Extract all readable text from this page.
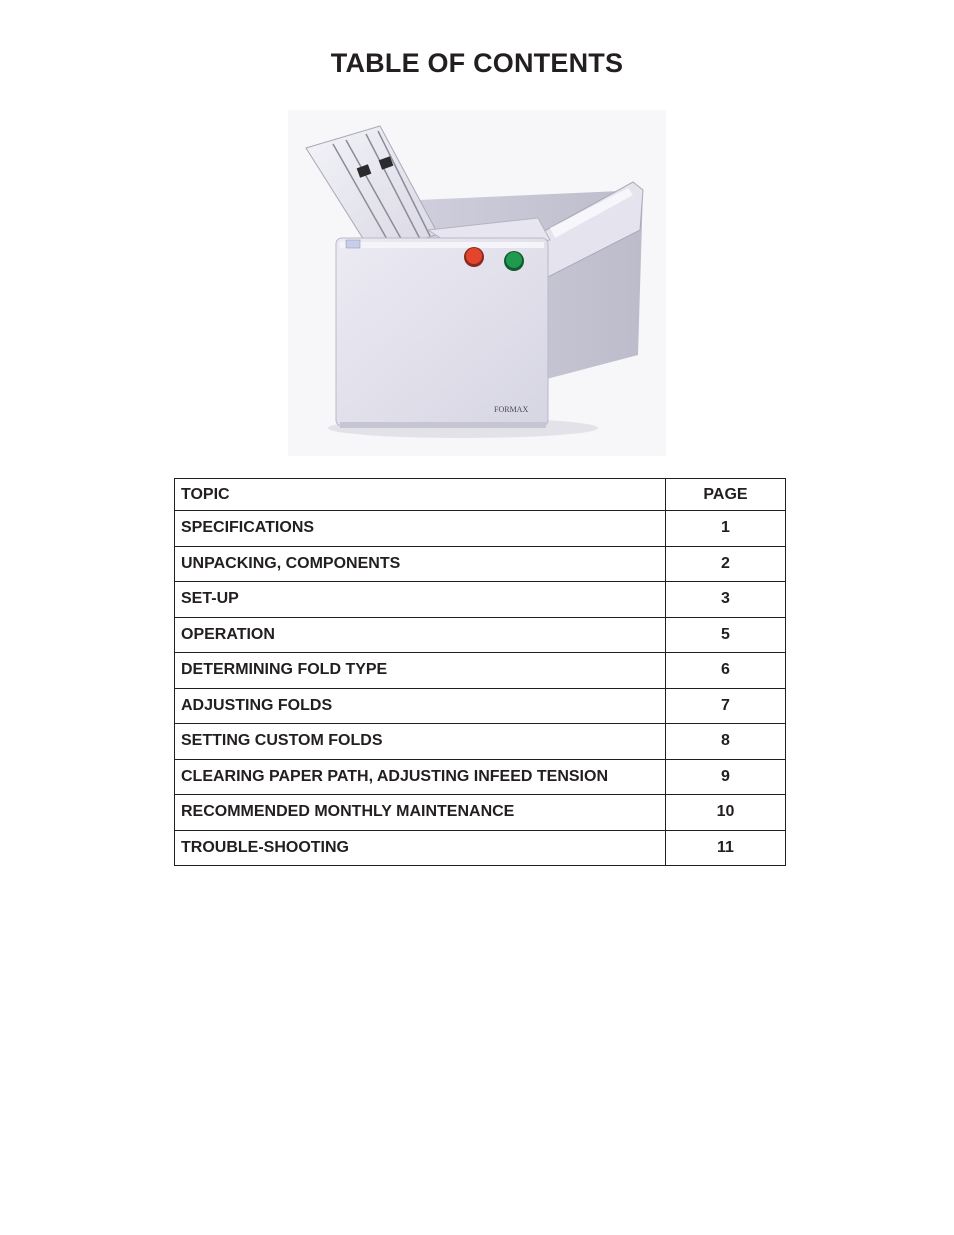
TABLE OF CONTENTS
FORMAX
TOPIC	PAGE
SPECIFICATIONS	1
UNPACKING, COMPONENTS	2
SET-UP	3
OPERATION	5
DETERMINING FOLD TYPE	6
ADJUSTING FOLDS	7
SETTING CUSTOM FOLDS	8
CLEARING PAPER PATH, ADJUSTING INFEED TENSION	9
RECOMMENDED MONTHLY MAINTENANCE	10
TROUBLE-SHOOTING	11
